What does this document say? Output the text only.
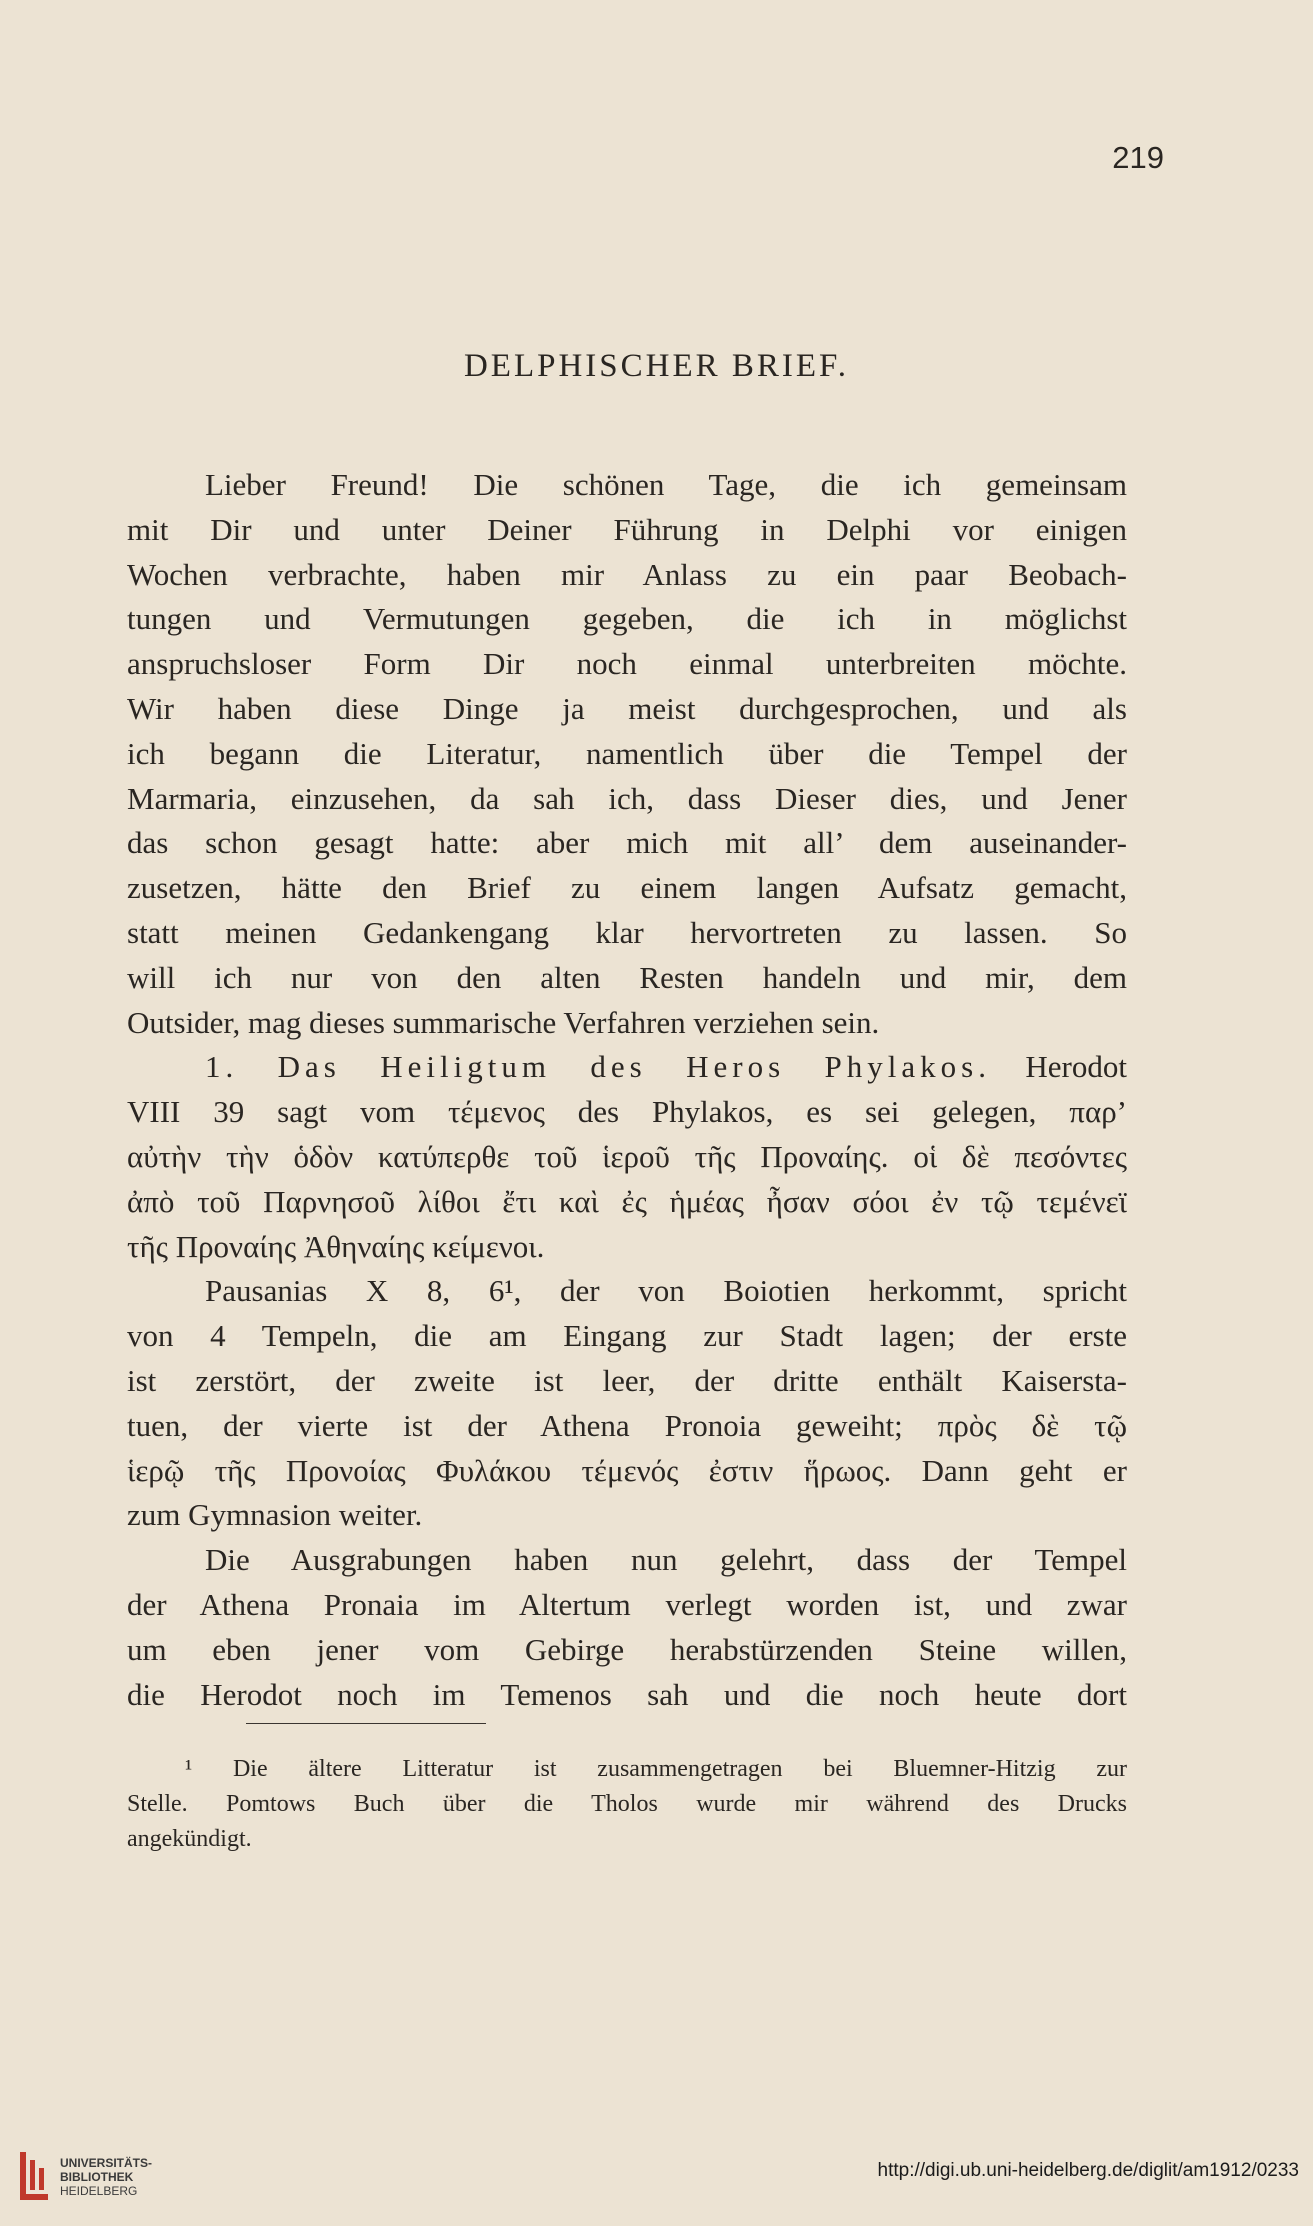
219
DELPHISCHER BRIEF.
Lieber Freund! Die schönen Tage, die ich gemeinsam
mit Dir und unter Deiner Führung in Delphi vor einigen
Wochen verbrachte, haben mir Anlass zu ein paar Beobach-
tungen und Vermutungen gegeben, die ich in möglichst
anspruchsloser Form Dir noch einmal unterbreiten möchte.
Wir haben diese Dinge ja meist durchgesprochen, und als
ich begann die Literatur, namentlich über die Tempel der
Marmaria, einzusehen, da sah ich, dass Dieser dies, und Jener
das schon gesagt hatte: aber mich mit all’ dem auseinander-
zusetzen, hätte den Brief zu einem langen Aufsatz gemacht,
statt meinen Gedankengang klar hervortreten zu lassen. So
will ich nur von den alten Resten handeln und mir, dem
Outsider, mag dieses summarische Verfahren verziehen sein.
1. Das Heiligtum des Heros Phylakos. Herodot
VIII 39 sagt vom τέμενος des Phylakos, es sei gelegen, παρ’
αὐτὴν τὴν ὁδὸν κατύπερθε τοῦ ἱεροῦ τῆς Προναίης. οἱ δὲ πεσόντες
ἀπὸ τοῦ Παρνησοῦ λίθοι ἔτι καὶ ἐς ἡμέας ἦσαν σόοι ἐν τῷ τεμένεϊ
τῆς Προναίης Ἀθηναίης κείμενοι.
Pausanias X 8, 6¹, der von Boiotien herkommt, spricht
von 4 Tempeln, die am Eingang zur Stadt lagen; der erste
ist zerstört, der zweite ist leer, der dritte enthält Kaisersta-
tuen, der vierte ist der Athena Pronoia geweiht; πρὸς δὲ τῷ
ἱερῷ τῆς Προνοίας Φυλάκου τέμενός ἐστιν ἥρωος. Dann geht er
zum Gymnasion weiter.
Die Ausgrabungen haben nun gelehrt, dass der Tempel
der Athena Pronaia im Altertum verlegt worden ist, und zwar
um eben jener vom Gebirge herabstürzenden Steine willen,
die Herodot noch im Temenos sah und die noch heute dort
¹ Die ältere Litteratur ist zusammengetragen bei Bluemner-Hitzig zur
Stelle. Pomtows Buch über die Tholos wurde mir während des Drucks
angekündigt.
UNIVERSITÄTS-
BIBLIOTHEK
HEIDELBERG
http://digi.ub.uni-heidelberg.de/diglit/am1912/0233
